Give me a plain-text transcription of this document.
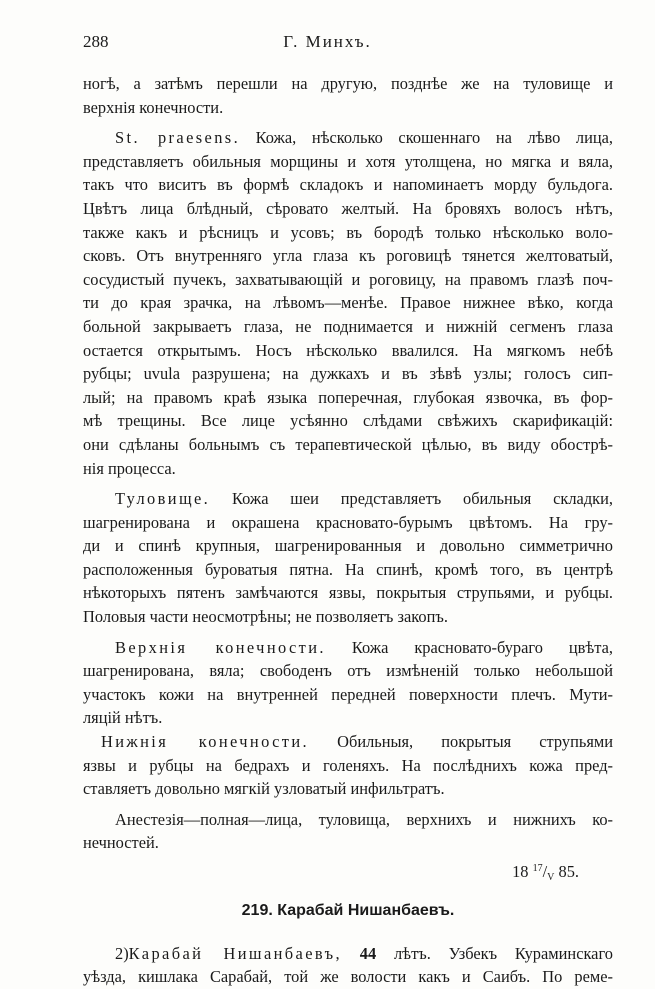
288	Г. Минхъ.
ногѣ, а затѣмъ перешли на другую, позднѣе же на туловище и
верхнія конечности.
St. praesens. Кожа, нѣсколько скошеннаго на лѣво лица,
представляетъ обильныя морщины и хотя утолщена, но мягка и вяла,
такъ что виситъ въ формѣ складокъ и напоминаетъ морду бульдога.
Цвѣтъ лица блѣдный, сѣровато желтый. На бровяхъ волосъ нѣтъ,
также какъ и рѣсницъ и усовъ; въ бородѣ только нѣсколько воло-
сковъ. Отъ внутренняго угла глаза къ роговицѣ тянется желтоватый,
сосудистый пучекъ, захватывающій и роговицу, на правомъ глазѣ поч-
ти до края зрачка, на лѣвомъ—менѣе. Правое нижнее вѣко, когда
больной закрываетъ глаза, не поднимается и нижній сегменъ глаза
остается открытымъ. Носъ нѣсколько ввалился. На мягкомъ небѣ
рубцы; uvula разрушена; на дужкахъ и въ зѣвѣ узлы; голосъ сип-
лый; на правомъ краѣ языка поперечная, глубокая язвочка, въ фор-
мѣ трещины. Все лице усѣянно слѣдами свѣжихъ скарификацій:
они сдѣланы больнымъ съ терапевтической цѣлью, въ виду обострѣ-
нія процесса.
Туловище. Кожа шеи представляетъ обильныя складки,
шагренирована и окрашена красновато-бурымъ цвѣтомъ. На гру-
ди и спинѣ крупныя, шагренированныя и довольно симметрично
расположенныя буроватыя пятна. На спинѣ, кромѣ того, въ центрѣ
нѣкоторыхъ пятенъ замѣчаются язвы, покрытыя струпьями, и рубцы.
Половыя части неосмотрѣны; не позволяетъ закопъ.
Верхнія конечности. Кожа красновато-бураго цвѣта,
шагренирована, вяла; свободенъ отъ измѣненій только небольшой
участокъ кожи на внутренней передней поверхности плечъ. Мути-
ляцій нѣтъ.
Нижнія конечности. Обильныя, покрытыя струпьями
язвы и рубцы на бедрахъ и голеняхъ. На послѣднихъ кожа пред-
ставляетъ довольно мягкій узловатый инфильтратъ.
Анестезія—полная—лица, туловища, верхнихъ и нижнихъ ко-
нечностей.
18 $^{17}/_V$ 85.
219. Карабай Нишанбаевъ.
2)Карабай Нишанбаевъ, 44 лѣтъ. Узбекъ Кураминскаго
уѣзда, кишлака Сарабай, той же волости какъ и Саибъ. По реме-
